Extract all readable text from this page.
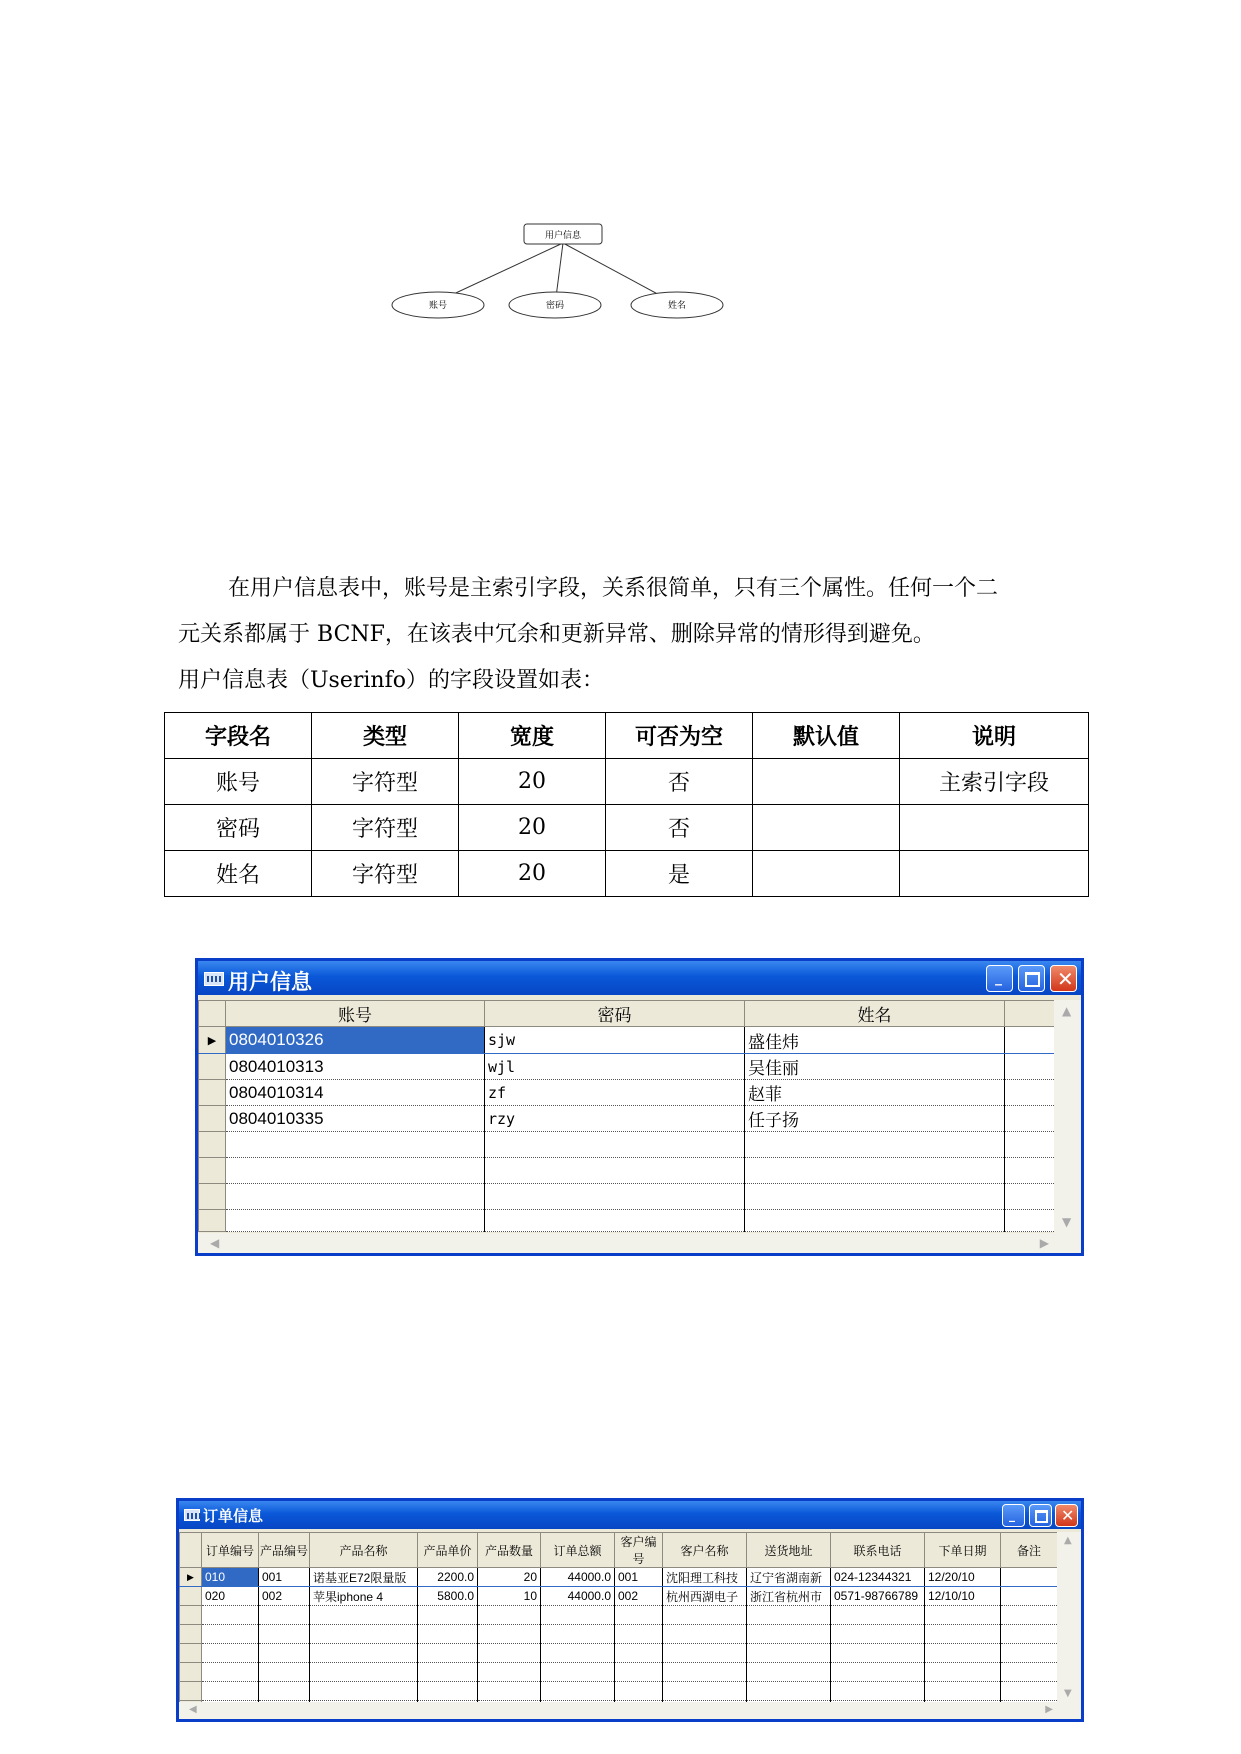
用户信息
账号	密码	姓名
在用户信息表中，账号是主索引字段，关系很简单，只有三个属性。任何一个二
元关系都属于 BCNF，在该表中冗余和更新异常、删除异常的情形得到避免。
用户信息表（Userinfo）的字段设置如表：
字段名	类型	宽度	可否为空	默认值	说明
账号	字符型	20	否		主索引字段
密码	字符型	20	否		
姓名	字符型	20	是		
用户信息	_	✕
	账号	密码	姓名	
▶	0804010326	sjw	盛佳炜	
	0804010313	wjl	吴佳丽	
	0804010314	zf	赵菲	
	0804010335	rzy	任子扬	

▲
▼
◀	▶
订单信息	_	✕
	订单编号	产品编号	产品名称	产品单价	产品数量	订单总额	客户编号	客户名称	送货地址	联系电话	下单日期	备注
▶	010	001	诺基亚E72限量版	2200.0	20	44000.0	001	沈阳理工科技	辽宁省湖南新	024-12344321	12/20/10	
	020	002	苹果iphone 4	5800.0	10	44000.0	002	杭州西湖电子	浙江省杭州市	0571-98766789	12/10/10	

▲
▼
◀	▶
